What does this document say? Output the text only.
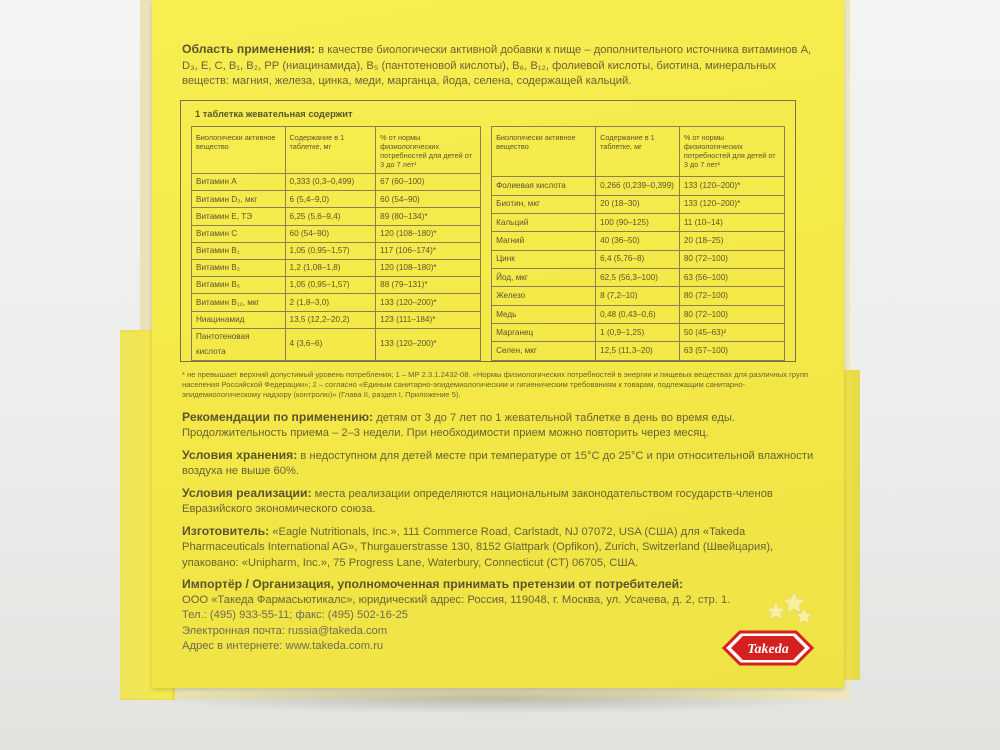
Область применения: в качестве биологически активной добавки к пище – дополнительного источника витаминов А, D₃, Е, С, В₁, В₂, РР (ниацинамида), В₅ (пантотеновой кислоты), В₆, В₁₂, фолиевой кислоты, биотина, минеральных веществ: магния, железа, цинка, меди, марганца, йода, селена, содержащей кальций.

1 таблетка жевательная содержит
Биологически активное вещество	Содержание в 1 таблетке, мг	% от нормы физиологических потребностей для детей от 3 до 7 лет¹
Витамин А	0,333 (0,3–0,499)	67 (60–100)
Витамин D₃, мкг	6 (5,4–9,0)	60 (54–90)
Витамин Е, ТЭ	6,25 (5,6–9,4)	89 (80–134)*
Витамин С	60 (54–90)	120 (108–180)*
Витамин В₁	1,05 (0,95–1,57)	117 (106–174)*
Витамин В₂	1,2 (1,08–1,8)	120 (108–180)*
Витамин В₆	1,05 (0,95–1,57)	88 (79–131)*
Витамин В₁₂, мкг	2 (1,8–3,0)	133 (120–200)*
Ниацинамид	13,5 (12,2–20,2)	123 (111–184)*
Пантотеновая кислота	4 (3,6–6)	133 (120–200)*
Биологически активное вещество	Содержание в 1 таблетке, мг	% от нормы физиологических потребностей для детей от 3 до 7 лет¹
Фолиевая кислота	0,266 (0,239–0,399)	133 (120–200)*
Биотин, мкг	20 (18–30)	133 (120–200)*
Кальций	100 (90–125)	11 (10–14)
Магний	40 (36–50)	20 (18–25)
Цинк	6,4 (5,76–8)	80 (72–100)
Йод, мкг	62,5 (56,3–100)	63 (56–100)
Железо	8 (7,2–10)	80 (72–100)
Медь	0,48 (0,43–0,6)	80 (72–100)
Марганец	1 (0,9–1,25)	50 (45–63)²
Селен, мкг	12,5 (11,3–20)	63 (57–100)
* не превышает верхний допустимый уровень потребления; 1 – МР 2.3.1.2432-08. «Нормы физиологических потребностей в энергии и пищевых веществах для различных групп населения Российской Федерации»; 2 – согласно «Единым санитарно-эпидемиологическим и гигиеническим требованиям к товарам, подлежащим санитарно-эпидемиологическому надзору (контролю)» (Глава II, раздел I, Приложение 5).

Рекомендации по применению: детям от 3 до 7 лет по 1 жевательной таблетке в день во время еды. Продолжительность приема – 2–3 недели. При необходимости прием можно повторить через месяц.

Условия хранения: в недоступном для детей месте при температуре от 15°С до 25°С и при относительной влажности воздуха не выше 60%.

Условия реализации: места реализации определяются национальным законодательством государств-членов Евразийского экономического союза.

Изготовитель: «Eagle Nutritionals, Inc.», 111 Commerce Road, Carlstadt, NJ 07072, USA (США) для «Takeda Pharmaceuticals International AG», Thurgauerstrasse 130, 8152 Glattpark (Opfikon), Zurich, Switzerland (Швейцария), упаковано: «Unipharm, Inc.», 75 Progress Lane, Waterbury, Connecticut (CT) 06705, США.

Импортёр / Организация, уполномоченная принимать претензии от потребителей:
ООО «Такеда Фармасьютикалс», юридический адрес: Россия, 119048, г. Москва, ул. Усачева, д. 2, стр. 1.
Тел.: (495) 933-55-11; факс: (495) 502-16-25
Электронная почта: russia@takeda.com
Адрес в интернете: www.takeda.com.ru	Takeda
